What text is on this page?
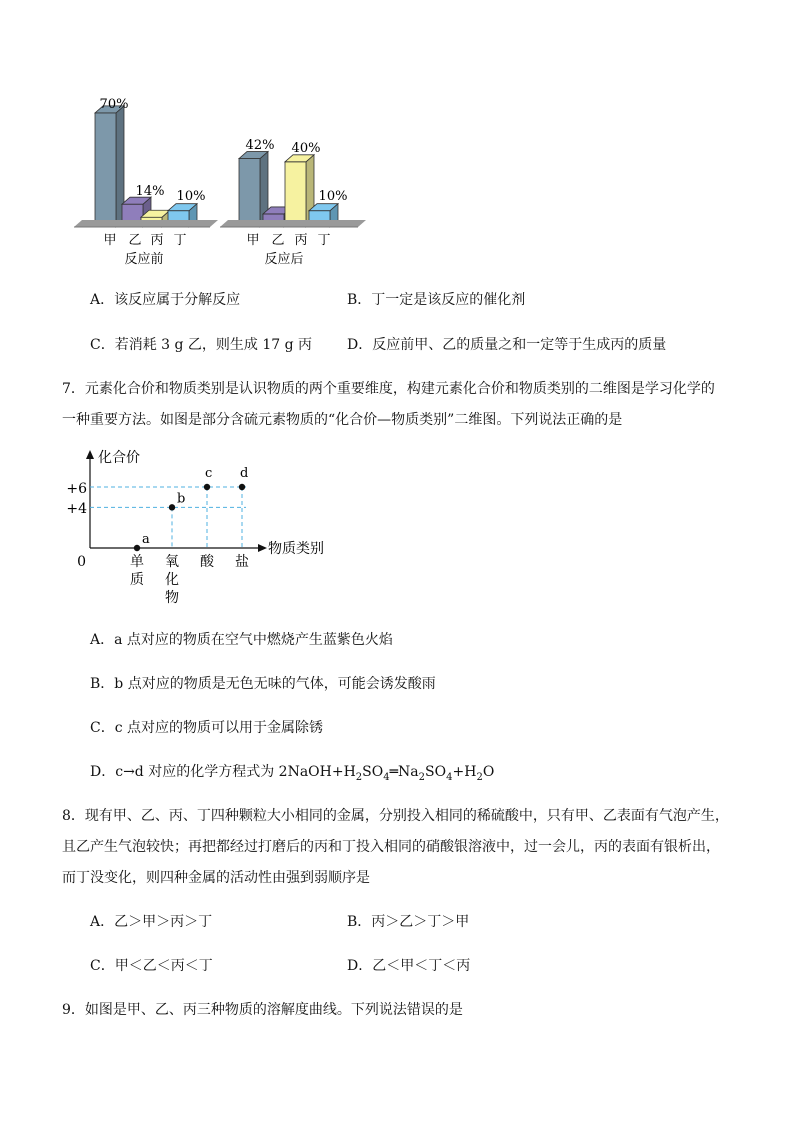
甲 乙 丙 丁	甲 乙 丙 丁
反应前	反应后
70%
14% 10%
42% 40%
10%
A．该反应属于分解反应	B．丁一定是该反应的催化剂
C．若消耗 3 g 乙，则生成 17 g 丙 D．反应前甲、乙的质量之和一定等于生成丙的质量
7．元素化合价和物质类别是认识物质的两个重要维度，构建元素化合价和物质类别的二维图是学习化学的
一种重要方法。如图是部分含硫元素物质的“化合价—物质类别”二维图。下列说法正确的是
化合价
物质类别
0
+6
+4
单
质
氧
化
物
酸 盐
a
b
c d
A．a 点对应的物质在空气中燃烧产生蓝紫色火焰
B．b 点对应的物质是无色无味的气体，可能会诱发酸雨
C．c 点对应的物质可以用于金属除锈
D．c→d 对应的化学方程式为 $2NaOH+H_2SO_4═Na_2SO_4+H_2O$
8．现有甲、乙、丙、丁四种颗粒大小相同的金属，分别投入相同的稀硫酸中，只有甲、乙表面有气泡产生，
且乙产生气泡较快；再把都经过打磨后的丙和丁投入相同的硝酸银溶液中，过一会儿，丙的表面有银析出，
而丁没变化，则四种金属的活动性由强到弱顺序是
A．乙＞甲＞丙＞丁	B．丙＞乙＞丁＞甲
C．甲＜乙＜丙＜丁	D．乙＜甲＜丁＜丙
9．如图是甲、乙、丙三种物质的溶解度曲线。下列说法错误的是
